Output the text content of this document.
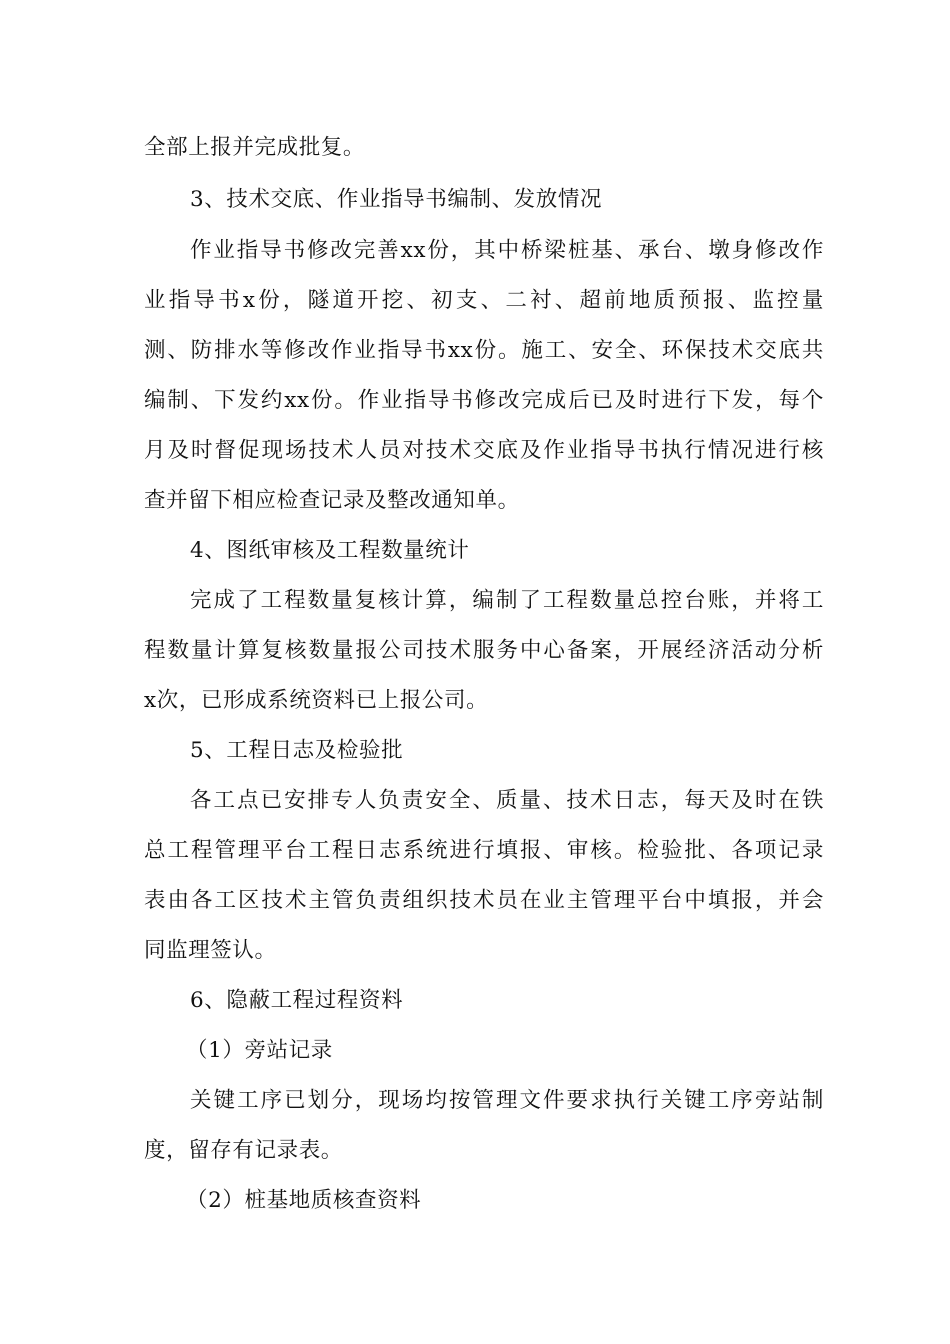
全部上报并完成批复。
3、技术交底、作业指导书编制、发放情况
作业指导书修改完善xx份，其中桥梁桩基、承台、墩身修改作
业指导书x份，隧道开挖、初支、二衬、超前地质预报、监控量
测、防排水等修改作业指导书xx份。施工、安全、环保技术交底共
编制、下发约xx份。作业指导书修改完成后已及时进行下发，每个
月及时督促现场技术人员对技术交底及作业指导书执行情况进行核
查并留下相应检查记录及整改通知单。
4、图纸审核及工程数量统计
完成了工程数量复核计算，编制了工程数量总控台账，并将工
程数量计算复核数量报公司技术服务中心备案，开展经济活动分析
x次，已形成系统资料已上报公司。
5、工程日志及检验批
各工点已安排专人负责安全、质量、技术日志，每天及时在铁
总工程管理平台工程日志系统进行填报、审核。检验批、各项记录
表由各工区技术主管负责组织技术员在业主管理平台中填报，并会
同监理签认。
6、隐蔽工程过程资料
（1）旁站记录
关键工序已划分，现场均按管理文件要求执行关键工序旁站制
度，留存有记录表。
（2）桩基地质核查资料
